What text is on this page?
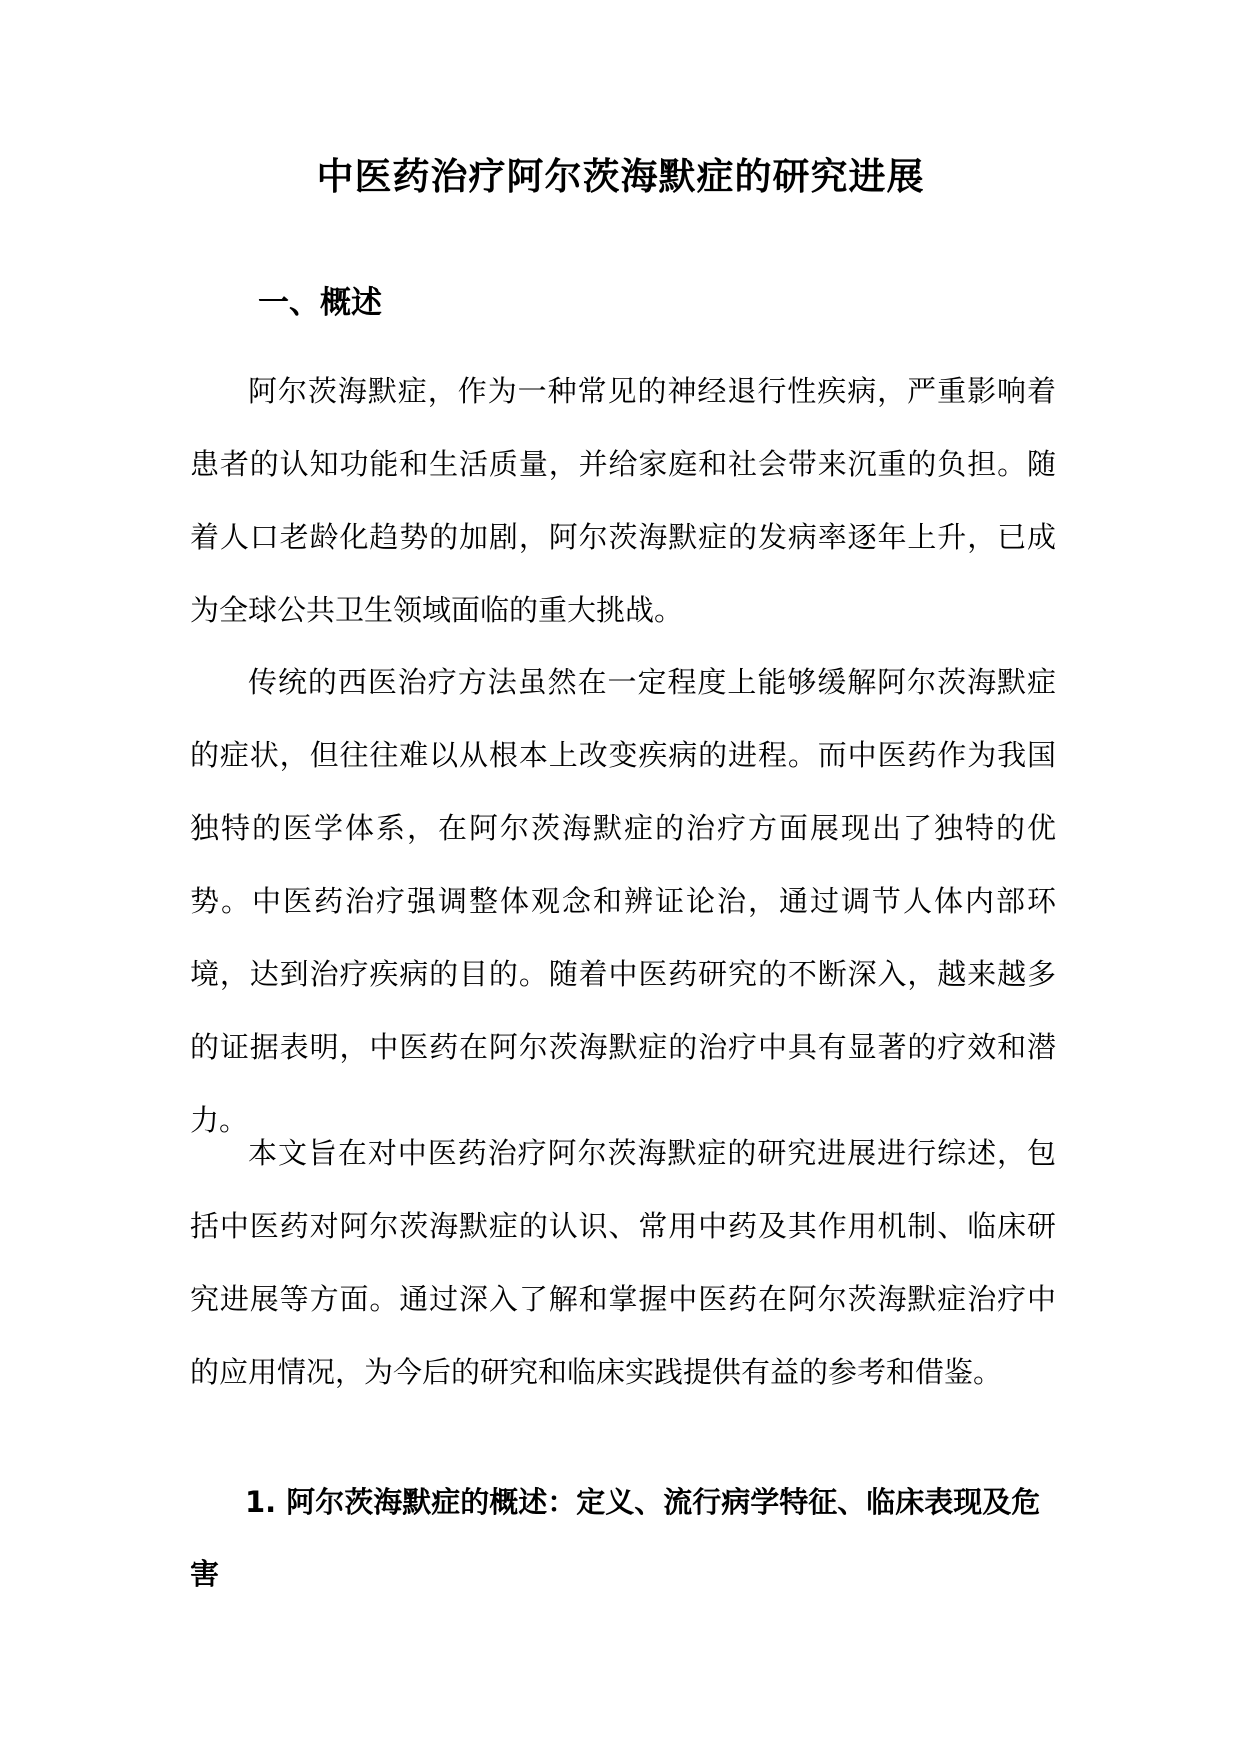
中医药治疗阿尔茨海默症的研究进展
一、概述

阿尔茨海默症，作为一种常见的神经退行性疾病，严重影响着患者的认知功能和生活质量，并给家庭和社会带来沉重的负担。随着人口老龄化趋势的加剧，阿尔茨海默症的发病率逐年上升，已成为全球公共卫生领域面临的重大挑战。

传统的西医治疗方法虽然在一定程度上能够缓解阿尔茨海默症的症状，但往往难以从根本上改变疾病的进程。而中医药作为我国独特的医学体系，在阿尔茨海默症的治疗方面展现出了独特的优势。中医药治疗强调整体观念和辨证论治，通过调节人体内部环境，达到治疗疾病的目的。随着中医药研究的不断深入，越来越多的证据表明，中医药在阿尔茨海默症的治疗中具有显著的疗效和潜力。

本文旨在对中医药治疗阿尔茨海默症的研究进展进行综述，包括中医药对阿尔茨海默症的认识、常用中药及其作用机制、临床研究进展等方面。通过深入了解和掌握中医药在阿尔茨海默症治疗中的应用情况，为今后的研究和临床实践提供有益的参考和借鉴。

1. 阿尔茨海默症的概述：定义、流行病学特征、临床表现及危害
